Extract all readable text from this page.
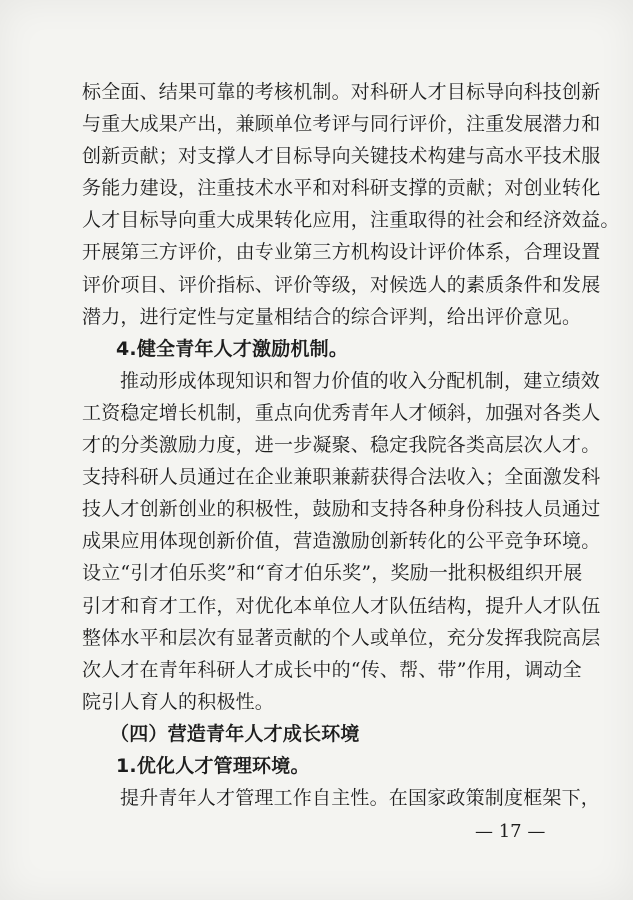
标全面、结果可靠的考核机制。对科研人才目标导向科技创新
与重大成果产出，兼顾单位考评与同行评价，注重发展潜力和
创新贡献；对支撑人才目标导向关键技术构建与高水平技术服
务能力建设，注重技术水平和对科研支撑的贡献；对创业转化
人才目标导向重大成果转化应用，注重取得的社会和经济效益。
开展第三方评价，由专业第三方机构设计评价体系，合理设置
评价项目、评价指标、评价等级，对候选人的素质条件和发展
潜力，进行定性与定量相结合的综合评判，给出评价意见。
4.健全青年人才激励机制。
推动形成体现知识和智力价值的收入分配机制，建立绩效
工资稳定增长机制，重点向优秀青年人才倾斜，加强对各类人
才的分类激励力度，进一步凝聚、稳定我院各类高层次人才。
支持科研人员通过在企业兼职兼薪获得合法收入；全面激发科
技人才创新创业的积极性，鼓励和支持各种身份科技人员通过
成果应用体现创新价值，营造激励创新转化的公平竞争环境。
设立“引才伯乐奖”和“育才伯乐奖”，奖励一批积极组织开展
引才和育才工作，对优化本单位人才队伍结构，提升人才队伍
整体水平和层次有显著贡献的个人或单位，充分发挥我院高层
次人才在青年科研人才成长中的“传、帮、带”作用，调动全
院引人育人的积极性。
（四）营造青年人才成长环境
1.优化人才管理环境。
提升青年人才管理工作自主性。在国家政策制度框架下，
— 17 —
